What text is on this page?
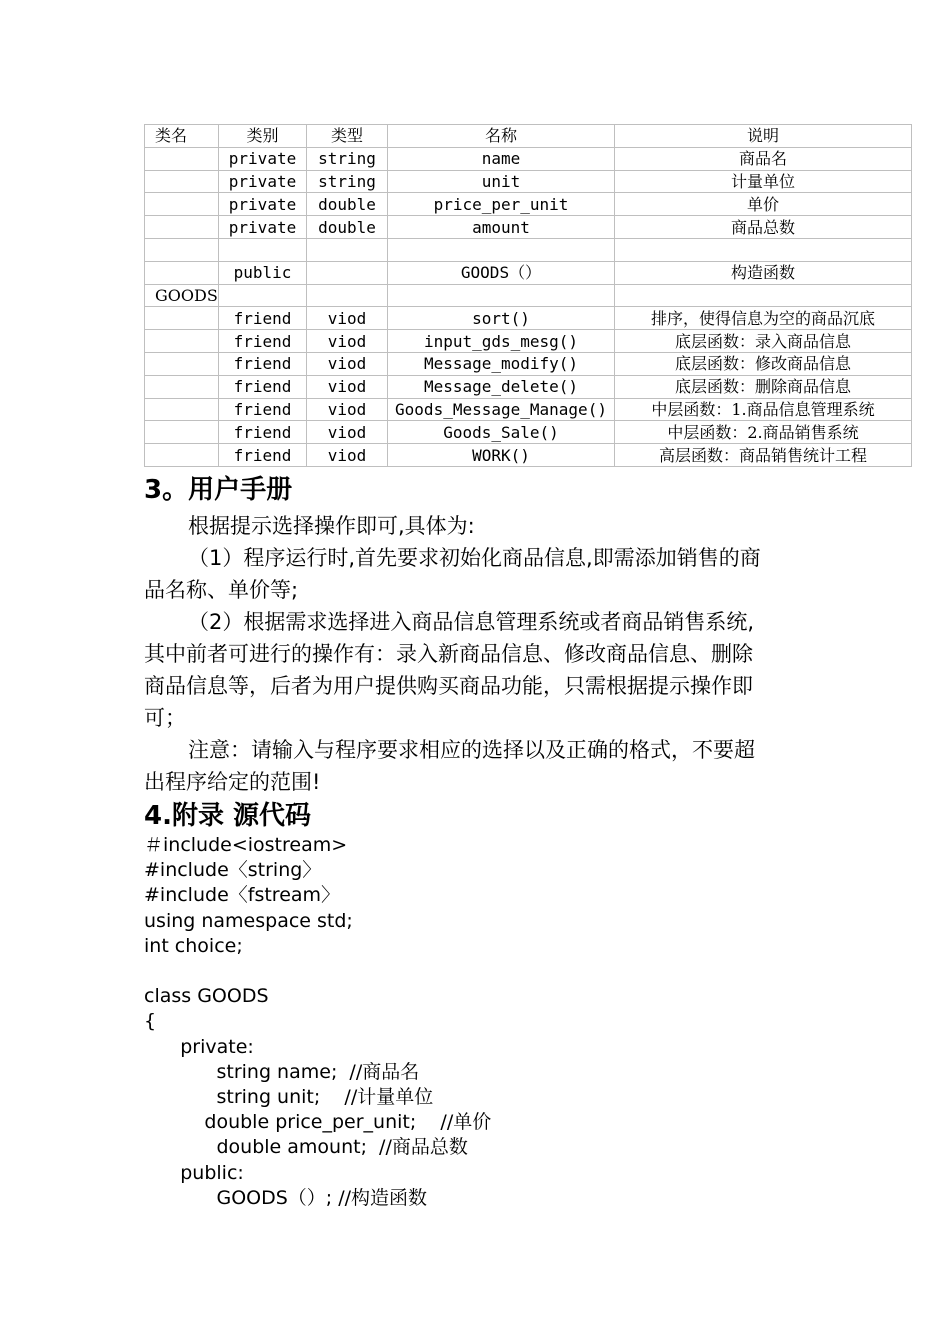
类名	类别	类型	名称	说明
	private	string	name	商品名
	private	string	unit	计量单位
	private	double	price_per_unit	单价
	private	double	amount	商品总数

	public		GOODS（）	构造函数
GOODS				
	friend	viod	sort()	排序，使得信息为空的商品沉底
	friend	viod	input_gds_mesg()	底层函数：录入商品信息
	friend	viod	Message_modify()	底层函数：修改商品信息
	friend	viod	Message_delete()	底层函数：删除商品信息
	friend	viod	Goods_Message_Manage()	中层函数：1.商品信息管理系统
	friend	viod	Goods_Sale()	中层函数：2.商品销售系统
	friend	viod	WORK()	高层函数：商品销售统计工程
3。用户手册
根据提示选择操作即可,具体为:
（1）程序运行时,首先要求初始化商品信息,即需添加销售的商
品名称、单价等;
（2）根据需求选择进入商品信息管理系统或者商品销售系统,
其中前者可进行的操作有：录入新商品信息、修改商品信息、删除
商品信息等，后者为用户提供购买商品功能，只需根据提示操作即
可；
注意：请输入与程序要求相应的选择以及正确的格式，不要超
出程序给定的范围!
4.附录 源代码
＃include<iostream>
#include〈string〉
#include〈fstream〉
using namespace std;
int choice;
class GOODS
{
private:
string name;  //商品名
string unit;    //计量单位
double price_per_unit;    //单价
double amount;  //商品总数
public:
GOODS（）; //构造函数
